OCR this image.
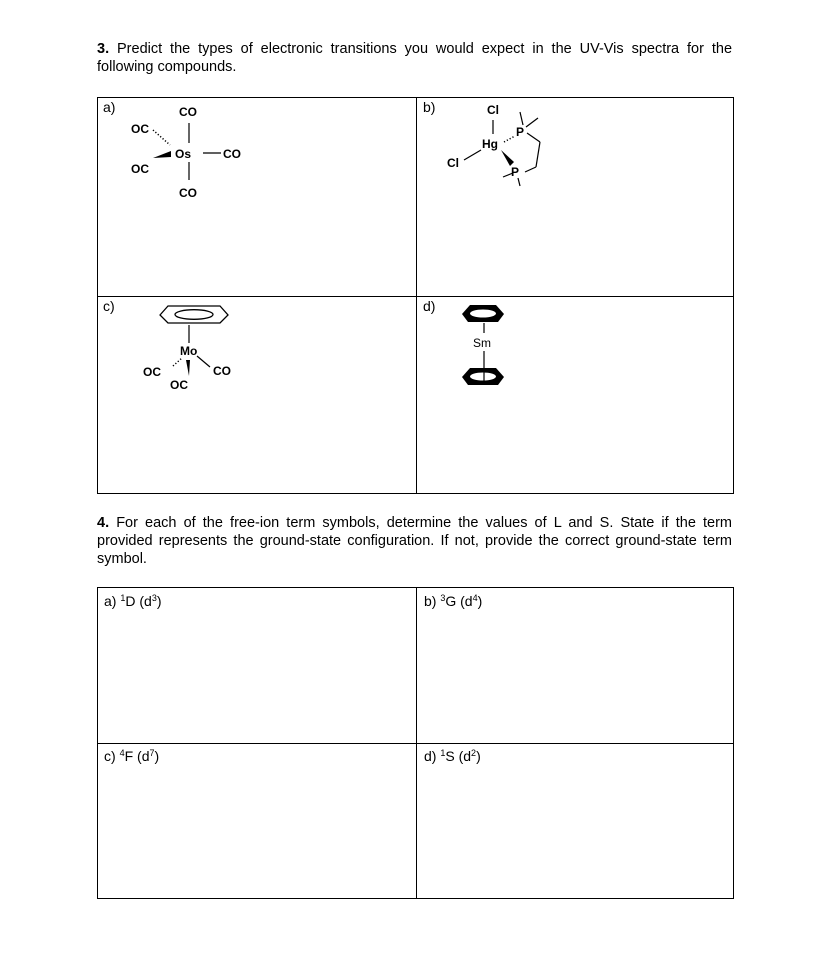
3. Predict the types of electronic transitions you would expect in the UV-Vis spectra for the following compounds.
a)	CO
OC
Os	CO
OC
CO
b)	Cl
Hg
Cl
P
P
c)
Mo
OC
OC
CO
d)
Sm
4. For each of the free-ion term symbols, determine the values of L and S. State if the term provided represents the ground-state configuration. If not, provide the correct ground-state term symbol.
a) $^1$D $(d^3)$	b) $^3$G $(d^4)$
c) $^4$F $(d^7)$	d) $^1$S $(d^2)$
